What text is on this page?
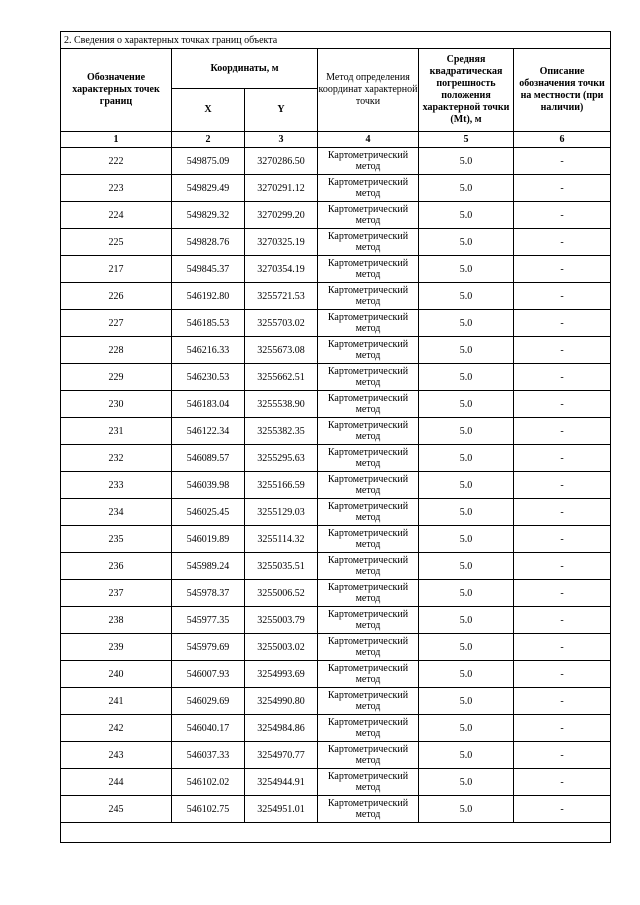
2. Сведения о характерных точках границ объекта					
Обозначение характерных точек границ	Координаты, м		Метод определения координат характерной точки	Средняя квадратическая погрешность положения характерной точки (Mt), м	Описание обозначения точки на местности (при наличии)
	X	Y			
1	2	3	4	5	6
222	549875.09	3270286.50	Картометрический метод	5.0	-
223	549829.49	3270291.12	Картометрический метод	5.0	-
224	549829.32	3270299.20	Картометрический метод	5.0	-
225	549828.76	3270325.19	Картометрический метод	5.0	-
217	549845.37	3270354.19	Картометрический метод	5.0	-
226	546192.80	3255721.53	Картометрический метод	5.0	-
227	546185.53	3255703.02	Картометрический метод	5.0	-
228	546216.33	3255673.08	Картометрический метод	5.0	-
229	546230.53	3255662.51	Картометрический метод	5.0	-
230	546183.04	3255538.90	Картометрический метод	5.0	-
231	546122.34	3255382.35	Картометрический метод	5.0	-
232	546089.57	3255295.63	Картометрический метод	5.0	-
233	546039.98	3255166.59	Картометрический метод	5.0	-
234	546025.45	3255129.03	Картометрический метод	5.0	-
235	546019.89	3255114.32	Картометрический метод	5.0	-
236	545989.24	3255035.51	Картометрический метод	5.0	-
237	545978.37	3255006.52	Картометрический метод	5.0	-
238	545977.35	3255003.79	Картометрический метод	5.0	-
239	545979.69	3255003.02	Картометрический метод	5.0	-
240	546007.93	3254993.69	Картометрический метод	5.0	-
241	546029.69	3254990.80	Картометрический метод	5.0	-
242	546040.17	3254984.86	Картометрический метод	5.0	-
243	546037.33	3254970.77	Картометрический метод	5.0	-
244	546102.02	3254944.91	Картометрический метод	5.0	-
245	546102.75	3254951.01	Картометрический метод	5.0	-
